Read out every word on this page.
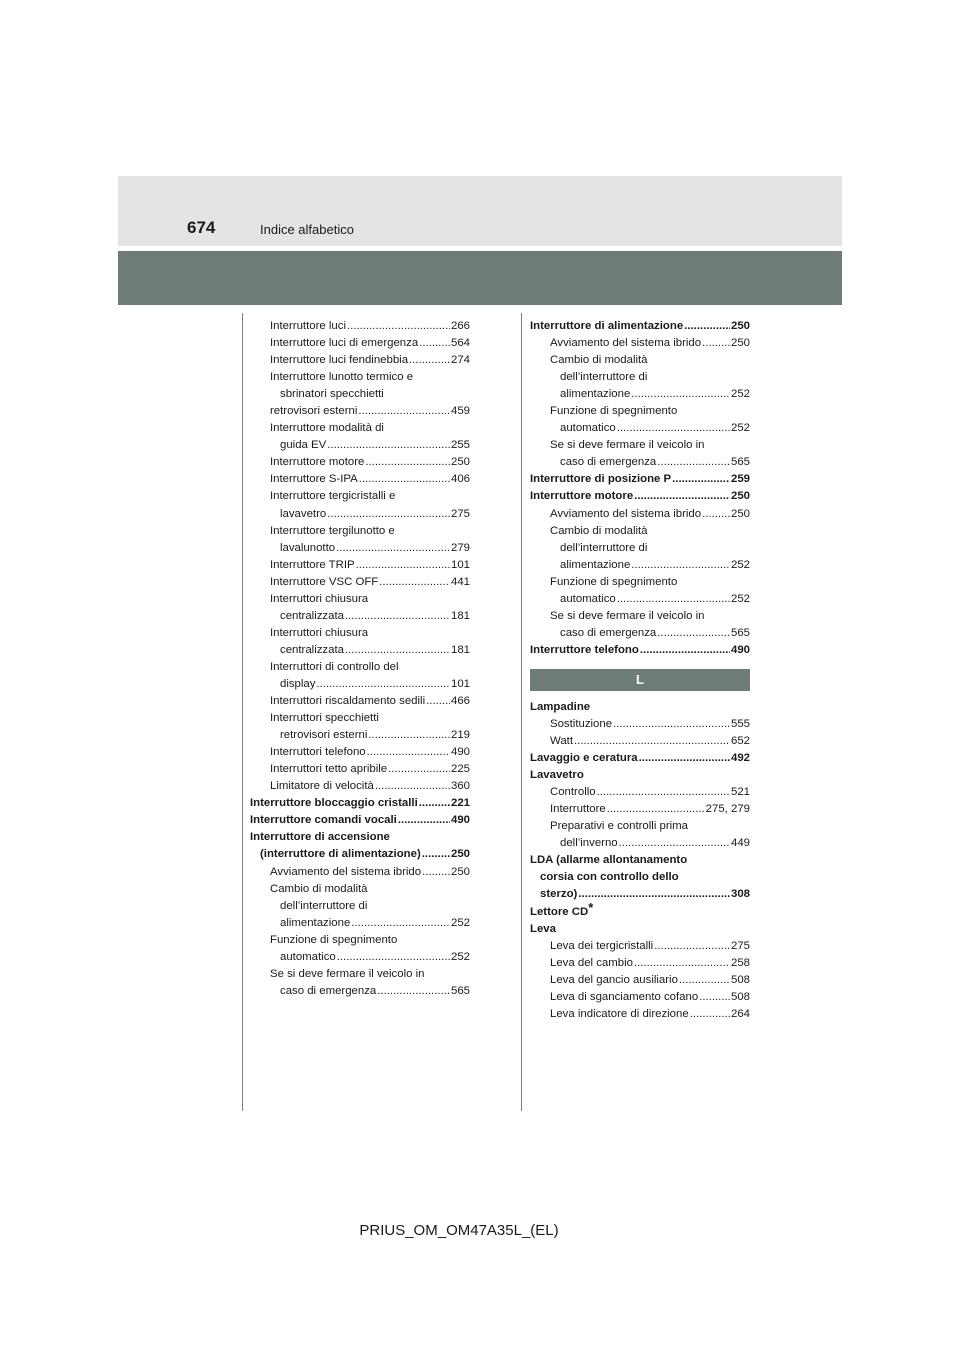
674	Indice alfabetico
Interruttore luci .....	266
Interruttore luci di emergenza .....	564
Interruttore luci fendinebbia .....	274
Interruttore lunotto termico e
sbrinatori specchietti
retrovisori esterni .....	459
Interruttore modalità di
guida EV .....	255
Interruttore motore .....	250
Interruttore S-IPA .....	406
Interruttore tergicristalli e
lavavetro .....	275
Interruttore tergilunotto e
lavalunotto .....	279
Interruttore TRIP .....	101
Interruttore VSC OFF .....	441
Interruttori chiusura
centralizzata .....	181
Interruttori chiusura
centralizzata .....	181
Interruttori di controllo del
display .....	101
Interruttori riscaldamento sedili ..... 466
Interruttori specchietti
retrovisori esterni .....	219
Interruttori telefono .....	490
Interruttori tetto apribile .....	225
Limitatore di velocità .....	360
Interruttore bloccaggio cristalli .....	221
Interruttore comandi vocali .....	490
Interruttore di accensione
(interruttore di alimentazione) .....	250
Avviamento del sistema ibrido .....	250
Cambio di modalità
dell’interruttore di
alimentazione .....	252
Funzione di spegnimento
automatico .....	252
Se si deve fermare il veicolo in
caso di emergenza .....	565
Interruttore di alimentazione .....	250
Avviamento del sistema ibrido .....	250
Cambio di modalità
dell’interruttore di
alimentazione .....	252
Funzione di spegnimento
automatico .....	252
Se si deve fermare il veicolo in
caso di emergenza .....	565
Interruttore di posizione P .....	259
Interruttore motore .....	250
Avviamento del sistema ibrido .....	250
Cambio di modalità
dell’interruttore di
alimentazione .....	252
Funzione di spegnimento
automatico .....	252
Se si deve fermare il veicolo in
caso di emergenza .....	565
Interruttore telefono .....	490
L
Lampadine
Sostituzione .....	555
Watt .....	652
Lavaggio e ceratura .....	492
Lavavetro
Controllo .....	521
Interruttore .....	275, 279
Preparativi e controlli prima
dell’inverno .....	449
LDA (allarme allontanamento
corsia con controllo dello
sterzo) .....	308
Lettore CD*
Leva
Leva dei tergicristalli .....	275
Leva del cambio .....	258
Leva del gancio ausiliario .....	508
Leva di sganciamento cofano .....	508
Leva indicatore di direzione .....	264
PRIUS_OM_OM47A35L_(EL)
